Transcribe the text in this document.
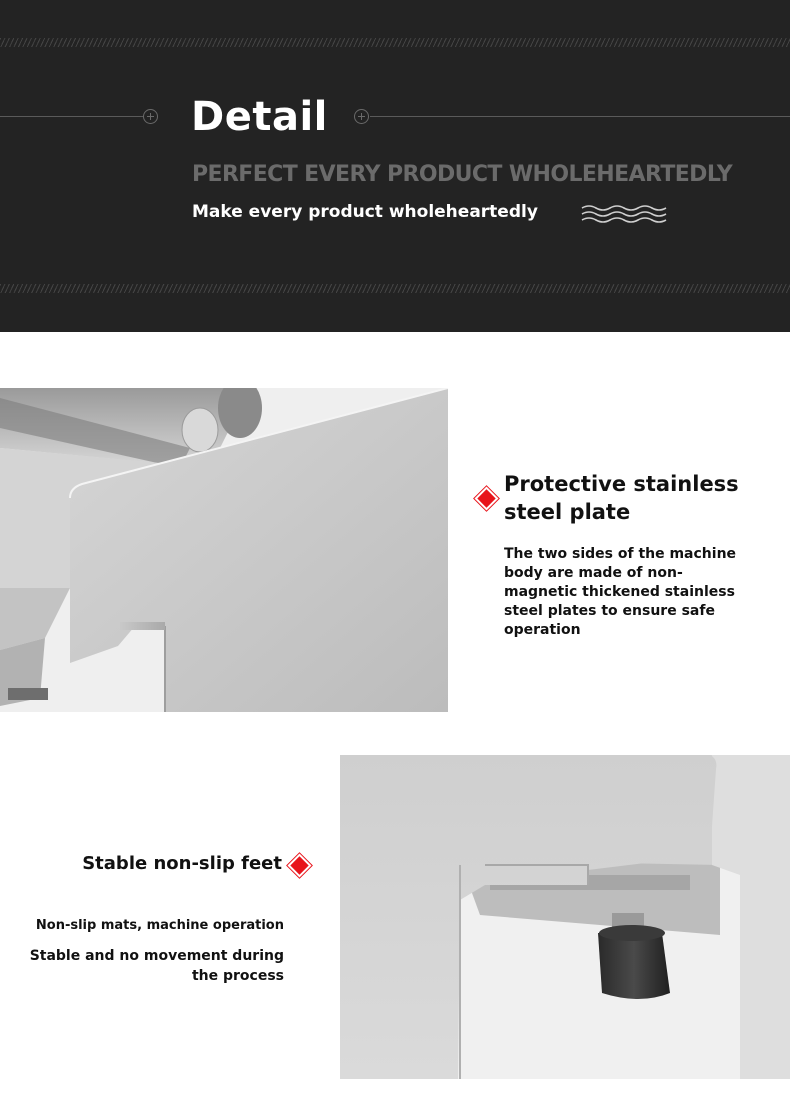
Detail
PERFECT EVERY PRODUCT WHOLEHEARTEDLY
Make every product wholeheartedly
Protective stainless steel plate
The two sides of the machine body are made of non-magnetic thickened stainless steel plates to ensure safe operation
Stable non-slip feet
Non-slip mats, machine operation
Stable and no movement during the process
